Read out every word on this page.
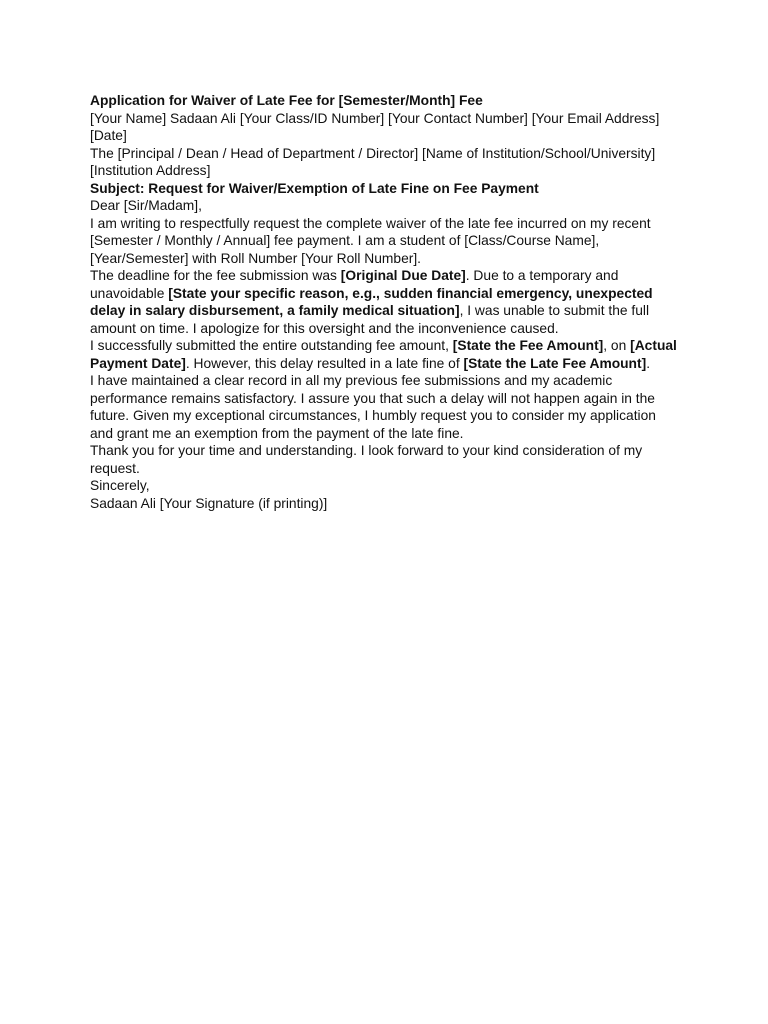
Application for Waiver of Late Fee for [Semester/Month] Fee

[Your Name] Sadaan Ali [Your Class/ID Number] [Your Contact Number] [Your Email Address]

[Date]

The [Principal / Dean / Head of Department / Director] [Name of Institution/School/University]

[Institution Address]

Subject: Request for Waiver/Exemption of Late Fine on Fee Payment

Dear [Sir/Madam],

I am writing to respectfully request the complete waiver of the late fee incurred on my recent [Semester / Monthly / Annual] fee payment. I am a student of [Class/Course Name], [Year/Semester] with Roll Number [Your Roll Number].

The deadline for the fee submission was [Original Due Date]. Due to a temporary and unavoidable [State your specific reason, e.g., sudden financial emergency, unexpected delay in salary disbursement, a family medical situation], I was unable to submit the full amount on time. I apologize for this oversight and the inconvenience caused.

I successfully submitted the entire outstanding fee amount, [State the Fee Amount], on [Actual Payment Date]. However, this delay resulted in a late fine of [State the Late Fee Amount].

I have maintained a clear record in all my previous fee submissions and my academic performance remains satisfactory. I assure you that such a delay will not happen again in the future. Given my exceptional circumstances, I humbly request you to consider my application and grant me an exemption from the payment of the late fine.

Thank you for your time and understanding. I look forward to your kind consideration of my request.

Sincerely,

Sadaan Ali [Your Signature (if printing)]
